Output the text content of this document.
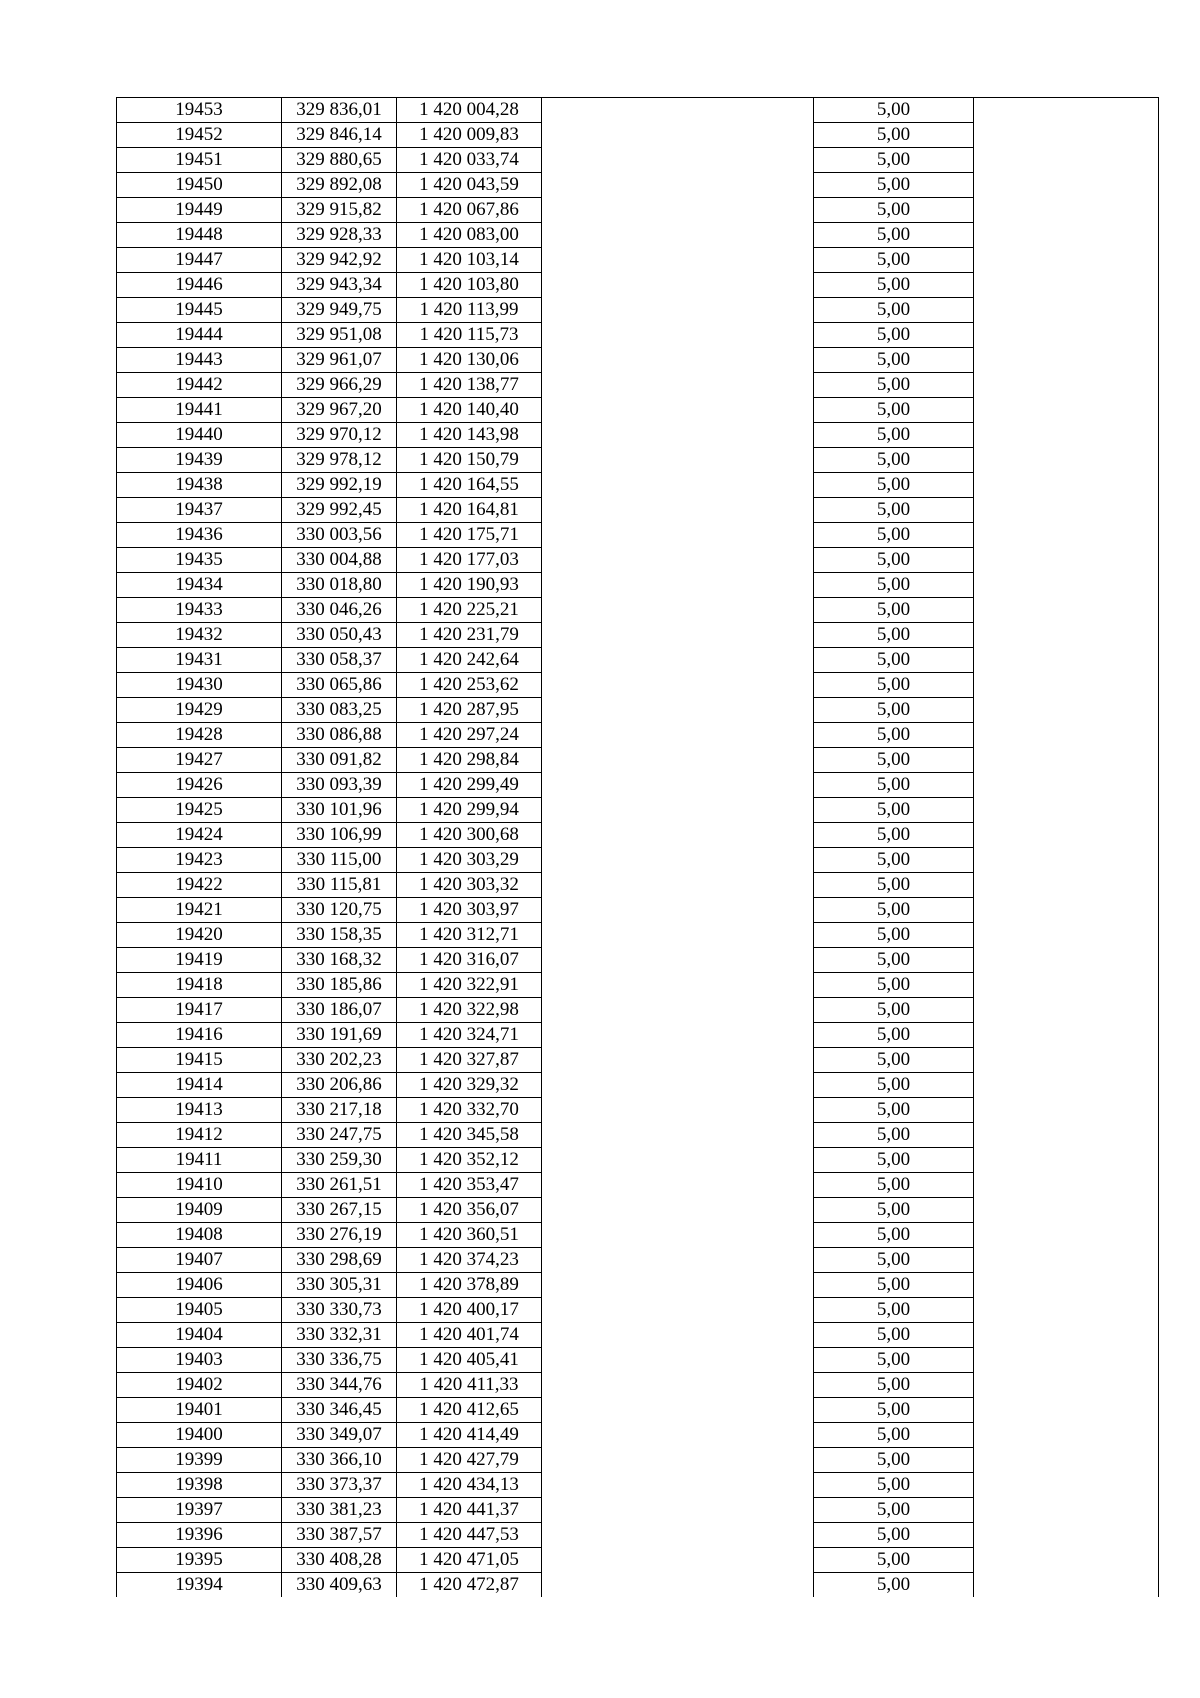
19453	329 836,01	1 420 004,28		5,00	
19452	329 846,14	1 420 009,83		5,00	
19451	329 880,65	1 420 033,74		5,00	
19450	329 892,08	1 420 043,59		5,00	
19449	329 915,82	1 420 067,86		5,00	
19448	329 928,33	1 420 083,00		5,00	
19447	329 942,92	1 420 103,14		5,00	
19446	329 943,34	1 420 103,80		5,00	
19445	329 949,75	1 420 113,99		5,00	
19444	329 951,08	1 420 115,73		5,00	
19443	329 961,07	1 420 130,06		5,00	
19442	329 966,29	1 420 138,77		5,00	
19441	329 967,20	1 420 140,40		5,00	
19440	329 970,12	1 420 143,98		5,00	
19439	329 978,12	1 420 150,79		5,00	
19438	329 992,19	1 420 164,55		5,00	
19437	329 992,45	1 420 164,81		5,00	
19436	330 003,56	1 420 175,71		5,00	
19435	330 004,88	1 420 177,03		5,00	
19434	330 018,80	1 420 190,93		5,00	
19433	330 046,26	1 420 225,21		5,00	
19432	330 050,43	1 420 231,79		5,00	
19431	330 058,37	1 420 242,64		5,00	
19430	330 065,86	1 420 253,62		5,00	
19429	330 083,25	1 420 287,95		5,00	
19428	330 086,88	1 420 297,24		5,00	
19427	330 091,82	1 420 298,84		5,00	
19426	330 093,39	1 420 299,49		5,00	
19425	330 101,96	1 420 299,94		5,00	
19424	330 106,99	1 420 300,68		5,00	
19423	330 115,00	1 420 303,29		5,00	
19422	330 115,81	1 420 303,32		5,00	
19421	330 120,75	1 420 303,97		5,00	
19420	330 158,35	1 420 312,71		5,00	
19419	330 168,32	1 420 316,07		5,00	
19418	330 185,86	1 420 322,91		5,00	
19417	330 186,07	1 420 322,98		5,00	
19416	330 191,69	1 420 324,71		5,00	
19415	330 202,23	1 420 327,87		5,00	
19414	330 206,86	1 420 329,32		5,00	
19413	330 217,18	1 420 332,70		5,00	
19412	330 247,75	1 420 345,58		5,00	
19411	330 259,30	1 420 352,12		5,00	
19410	330 261,51	1 420 353,47		5,00	
19409	330 267,15	1 420 356,07		5,00	
19408	330 276,19	1 420 360,51		5,00	
19407	330 298,69	1 420 374,23		5,00	
19406	330 305,31	1 420 378,89		5,00	
19405	330 330,73	1 420 400,17		5,00	
19404	330 332,31	1 420 401,74		5,00	
19403	330 336,75	1 420 405,41		5,00	
19402	330 344,76	1 420 411,33		5,00	
19401	330 346,45	1 420 412,65		5,00	
19400	330 349,07	1 420 414,49		5,00	
19399	330 366,10	1 420 427,79		5,00	
19398	330 373,37	1 420 434,13		5,00	
19397	330 381,23	1 420 441,37		5,00	
19396	330 387,57	1 420 447,53		5,00	
19395	330 408,28	1 420 471,05		5,00	
19394	330 409,63	1 420 472,87		5,00	
